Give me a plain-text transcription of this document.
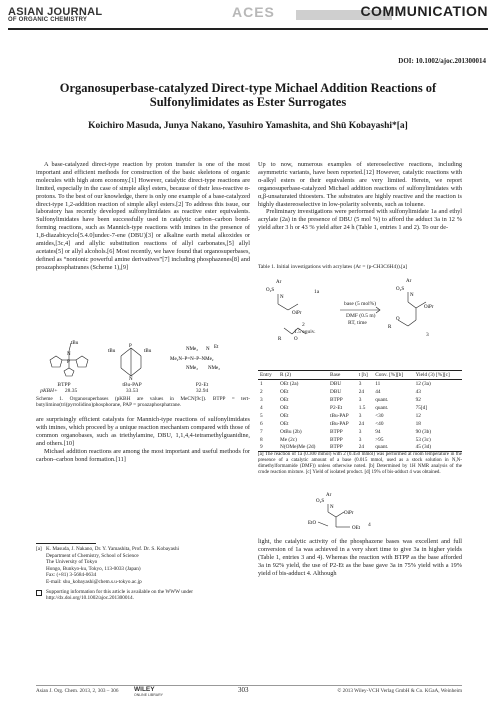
ASIAN JOURNAL
OF ORGANIC CHEMISTRY	ACES	COMMUNICATION
DOI: 10.1002/ajoc.201300014
Organosuperbase-catalyzed Direct-type Michael Addition Reactions of Sulfonylimidates as Ester Surrogates
Koichiro Masuda, Junya Nakano, Yasuhiro Yamashita, and Shū Kobayashi*[a]

A base-catalyzed direct-type reaction by proton transfer is one of the most important and efficient methods for construction of the basic skeletons of organic molecules with high atom economy.[1] However, catalytic direct-type reactions are limited, especially in the case of simple alkyl esters, because of their less-reactive α-protons. To the best of our knowledge, there is only one example of a base-catalyzed direct-type 1,2-addition reaction of simple alkyl esters.[2] To address this issue, our laboratory has recently developed sulfonylimidates as reactive ester equivalents. Sulfonylimidates have been successfully used in catalytic carbon–carbon bond-forming reactions, such as Mannich-type reactions with imines in the presence of 1,8-diazabicyclo[5.4.0]undec-7-ene (DBU)[3] or alkaline earth metal alkoxides or amides,[3c,4] and allylic substitution reactions of allyl carbonates,[5] allyl acetates[5] or allyl alcohols.[6] Most recently, we have found that organosuperbases, defined as “nonionic powerful amine derivatives”[7] including phosphazenes[8] and proazaphosphatranes (Scheme 1),[9]

tBu
N
P
tBu	tBu
P
N
NMe₂ N Et
Me₂N–P=N–P–NMe₂
NMe₂ NMe₂
BTPP
pKBH+	28.35
tBu-PAP
33.53
P2-Et
32.94
Scheme 1. Organosuperbases (pKBH are values in MeCN[9c]). BTPP = tert-butylimino(tri(pyrrolidino)phosphorane, PAP = proazaphosphatrane.

are surprisingly efficient catalysts for Mannich-type reactions of sulfonylimidates with imines, which proceed by a unique reaction mechanism compared with those of common organobases, such as triethylamine, DBU, 1,1,4,4-tetramethylguanidine, and others.[10]

Michael addition reactions are among the most important and useful methods for carbon–carbon bond formation.[11]

Up to now, numerous examples of stereoselective reactions, including asymmetric variants, have been reported.[12] However, catalytic reactions with α-alkyl esters or their equivalents are very limited. Herein, we report organosuperbase-catalyzed Michael addition reactions of sulfonylimidates with α,β-unsaturated thioesters. The substrates are highly reactive and the reaction is highly diastereoselective in low-polarity solvents, such as toluene.

Preliminary investigations were performed with sulfonylimidate 1a and ethyl acrylate (2a) in the presence of DBU (5 mol %) to afford the adduct 3a in 12 % yield after 3 h or 43 % yield after 24 h (Table 1, entries 1 and 2). To our de-

Table 1. Initial investigations with acrylates (Ar = (p-CH3C6H4)).[a]
Ar
O₂S
N
OiPr
R	O
Ar
O₂S
N
OiPr
R
O
1a
2
1.5 equiv.
base (5 mol%)
DMF (0.5 m)
RT, time
3
Entry	R (2)	Base	t [h]	Conv. [%][b]	Yield (3) [%][c]
1	OEt (2a)	DBU	3	11	12 (3a)
2	OEt	DBU	24	44	43
3	OEt	BTPP	3	quant.	92
4	OEt	P2-Et	1.5	quant.	75[d]
5	OEt	tBu-PAP	3	<30	12
6	OEt	tBu-PAP	24	<40	18
7	OtBu (2b)	BTPP	3	94	90 (3b)
8	Me (2c)	BTPP	3	>95	53 (3c)
9	N(OMe)Me (2d)	BTPP	24	quant.	45 (3d)
[a] The reaction of 1a (0.300 mmol) with 2 (0.450 mmol) was performed at room temperature in the presence of a catalytic amount of a base (0.015 mmol, used as a stock solution in N,N-dimethylformamide (DMF)) unless otherwise noted. [b] Determined by 1H NMR analysis of the crude reaction mixture. [c] Yield of isolated product. [d] 19% of bis-adduct 4 was obtained.
Ar
O₂S
N
OiPr
EtO
OEt
4

light, the catalytic activity of the phosphazene bases was excellent and full conversion of 1a was achieved in a very short time to give 3a in higher yields (Table 1, entries 3 and 4). Whereas the reaction with BTPP as the base afforded 3a in 92% yield, the use of P2-Et as the base gave 3a in 75% yield with a 19% yield of bis-adduct 4. Although

[a] K. Masuda, J. Nakano, Dr. Y. Yamashita, Prof. Dr. S. Kobayashi
Department of Chemistry, School of Science
The University of Tokyo
Hongo, Bunkyo-ku, Tokyo, 113-0033 (Japan)
Fax: (+81) 3-5684-0634
E-mail: shu_kobayashi@chem.s.u-tokyo.ac.jp
Supporting information for this article is available on the WWW under http://dx.doi.org/10.1002/ajoc.201300014.
Asian J. Org. Chem. 2013, 2, 303 – 306 WILEY
ONLINE LIBRARY
303	© 2013 Wiley-VCH Verlag GmbH & Co. KGaA, Weinheim
